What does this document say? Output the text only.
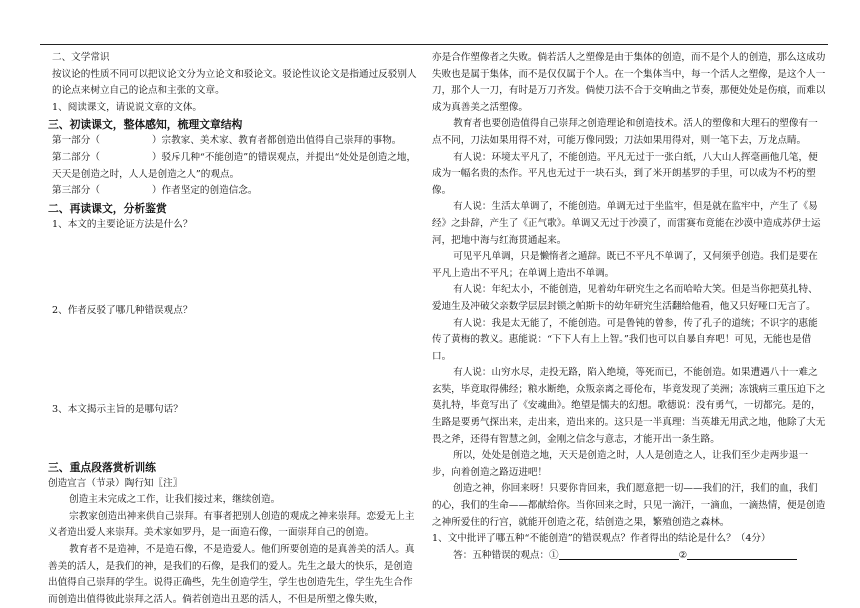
二、文学常识

按议论的性质不同可以把议论文分为立论文和驳论文。驳论性议论文是指通过反驳别人的论点来树立自己的论点和主张的文章。

1、阅读课文，请说说文章的文体。

三、初读课文，整体感知，梳理文章结构

第一部分（	）宗教家、美术家、教育者都创造出值得自己崇拜的事物。

第二部分（	）驳斥几种“不能创造”的错误观点，并提出“处处是创造之地，天天是创造之时，人人是创造之人”的观点。

第三部分（	）作者坚定的创造信念。

二、再读课文，分析鉴赏

1、本文的主要论证方法是什么？

2、作者反驳了哪几种错误观点？

3、本文揭示主旨的是哪句话？

三、重点段落赏析训练

创造宣言（节录）陶行知〖注〗

创造主未完成之工作，让我们接过来，继续创造。

宗教家创造出神来供自己崇拜。有事者把别人创造的观成之神来崇拜。恋爱无上主义者造出爱人来崇拜。美术家如罗丹，是一面造石像，一面崇拜自己的创造。

教育者不是造神，不是造石像，不是造爱人。他们所要创造的是真善美的活人。真善美的活人，是我们的神，是我们的石像，是我们的爱人。先生之最大的快乐，是创造出值得自己崇拜的学生。说得正确些，先生创造学生，学生也创造先生，学生先生合作而创造出值得彼此崇拜之活人。倘若创造出丑恶的活人，不但是所塑之像失败，

亦是合作塑像者之失败。倘若活人之塑像是由于集体的创造，而不是个人的创造，那么这成功失败也是属于集体，而不是仅仅属于个人。在一个集体当中，每一个活人之塑像，是这个人一刀，那个人一刀，有时是万刀齐发。倘使刀法不合于交响曲之节奏，那便处处是伤痕，而难以成为真善美之活塑像。

教育者也要创造值得自己崇拜之创造理论和创造技术。活人的塑像和大理石的塑像有一点不同，刀法如果用得不对，可能万像同毁；刀法如果用得对，则一笔下去，万龙点睛。

有人说：环境太平凡了，不能创造。平凡无过于一张白纸，八大山人挥毫画他几笔，便成为一幅名贵的杰作。平凡也无过于一块石头，到了米开朗基罗的手里，可以成为不朽的塑像。

有人说：生活太单调了，不能创造。单调无过于坐监牢，但是就在监牢中，产生了《易经》之卦辞，产生了《正气歌》。单调又无过于沙漠了，而雷赛布竟能在沙漠中造成苏伊士运河，把地中海与红海贯通起来。

可见平凡单调，只是懒惰者之遁辞。既已不平凡不单调了，又何须乎创造。我们是要在平凡上造出不平凡；在单调上造出不单调。

有人说：年纪太小，不能创造，见着幼年研究生之名而哈哈大笑。但是当你把莫扎特、爱迪生及冲破父亲数学层层封锁之帕斯卡的幼年研究生活翻给他看，他又只好哑口无言了。

有人说：我是太无能了，不能创造。可是鲁钝的曾参，传了孔子的道统；不识字的惠能传了黄梅的教义。惠能说：“下下人有上上智。”我们也可以自暴自弃吧！可见，无能也是借口。

有人说：山穷水尽，走投无路，陷入绝境，等死而已，不能创造。如果遭遇八十一难之玄奘，毕竟取得佛经；粮水断绝，众叛亲离之哥伦布，毕竟发现了美洲；冻饿病三重压迫下之莫扎特，毕竟写出了《安魂曲》。绝望是懦夫的幻想。歌德说：没有勇气，一切都完。是的，生路是要勇气探出来，走出来，造出来的。这只是一半真理：当英雄无用武之地，他除了大无畏之斧，还得有智慧之剑，金刚之信念与意志，才能开出一条生路。

所以，处处是创造之地，天天是创造之时，人人是创造之人，让我们至少走两步退一步，向着创造之路迈进吧！

创造之神，你回来呀！只要你肯回来，我们愿意把一切——我们的汗，我们的血，我们的心，我们的生命——都献给你。当你回来之时，只见一滴汗，一滴血，一滴热情，便是创造之神所爱住的行宫，就能开创造之花，结创造之果，繁殖创造之森林。

1、文中批评了哪五种“不能创造”的错误观点？作者得出的结论是什么？（4分）

答：五种错误的观点：①	②
